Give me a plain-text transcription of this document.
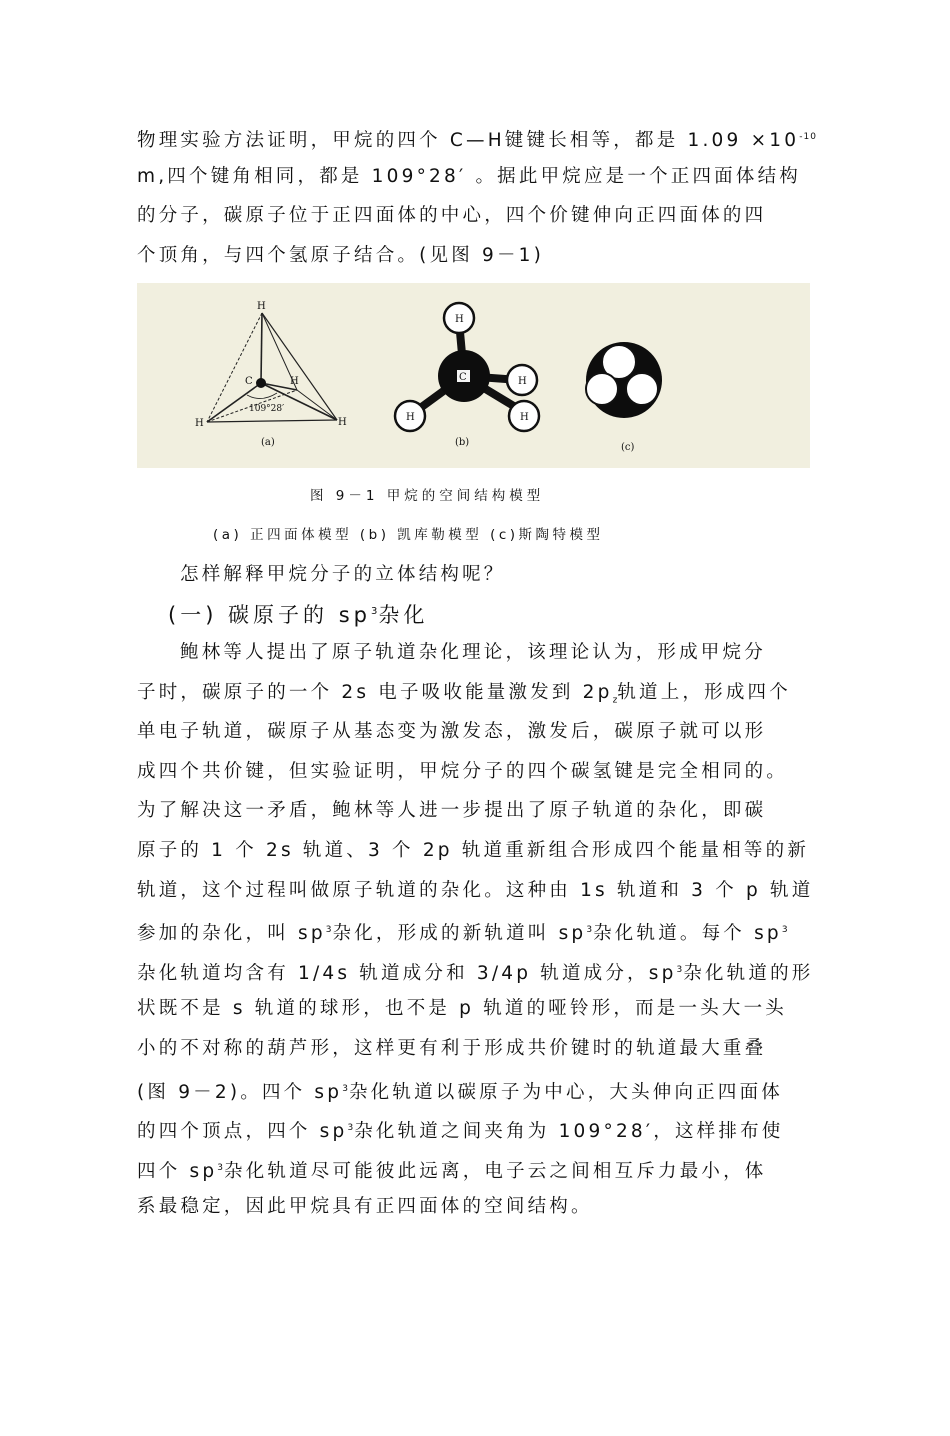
物理实验方法证明，甲烷的四个 C—H键键长相等，都是 $1.09 \times 10^{-10}$
m,四个键角相同，都是 109°28′ 。据此甲烷应是一个正四面体结构
的分子，碳原子位于正四面体的中心，四个价键伸向正四面体的四
个顶角，与四个氢原子结合。(见图 9－1)
H
C	H
H	H
109°28′
(a)
C
H
H
H
H
(b)	(c)
图 9－1 甲烷的空间结构模型
(a) 正四面体模型 (b) 凯库勒模型 (c)斯陶特模型
怎样解释甲烷分子的立体结构呢？
(一) 碳原子的 $sp^3$杂化
鲍林等人提出了原子轨道杂化理论，该理论认为，形成甲烷分
子时，碳原子的一个 2s 电子吸收能量激发到 $2p_z$轨道上，形成四个
单电子轨道，碳原子从基态变为激发态，激发后，碳原子就可以形
成四个共价键，但实验证明，甲烷分子的四个碳氢键是完全相同的。
为了解决这一矛盾，鲍林等人进一步提出了原子轨道的杂化，即碳
原子的 1 个 2s 轨道、3 个 2p 轨道重新组合形成四个能量相等的新
轨道，这个过程叫做原子轨道的杂化。这种由 1s 轨道和 3 个 p 轨道
参加的杂化，叫 $sp^3$杂化，形成的新轨道叫 $sp^3$杂化轨道。每个 $sp^3$
杂化轨道均含有 1/4s 轨道成分和 3/4p 轨道成分，$sp^3$杂化轨道的形
状既不是 s 轨道的球形，也不是 p 轨道的哑铃形，而是一头大一头
小的不对称的葫芦形，这样更有利于形成共价键时的轨道最大重叠
(图 9－2)。四个 $sp^3$杂化轨道以碳原子为中心，大头伸向正四面体
的四个顶点，四个 $sp^3$杂化轨道之间夹角为 109°28′，这样排布使
四个 $sp^3$杂化轨道尽可能彼此远离，电子云之间相互斥力最小，体
系最稳定，因此甲烷具有正四面体的空间结构。
